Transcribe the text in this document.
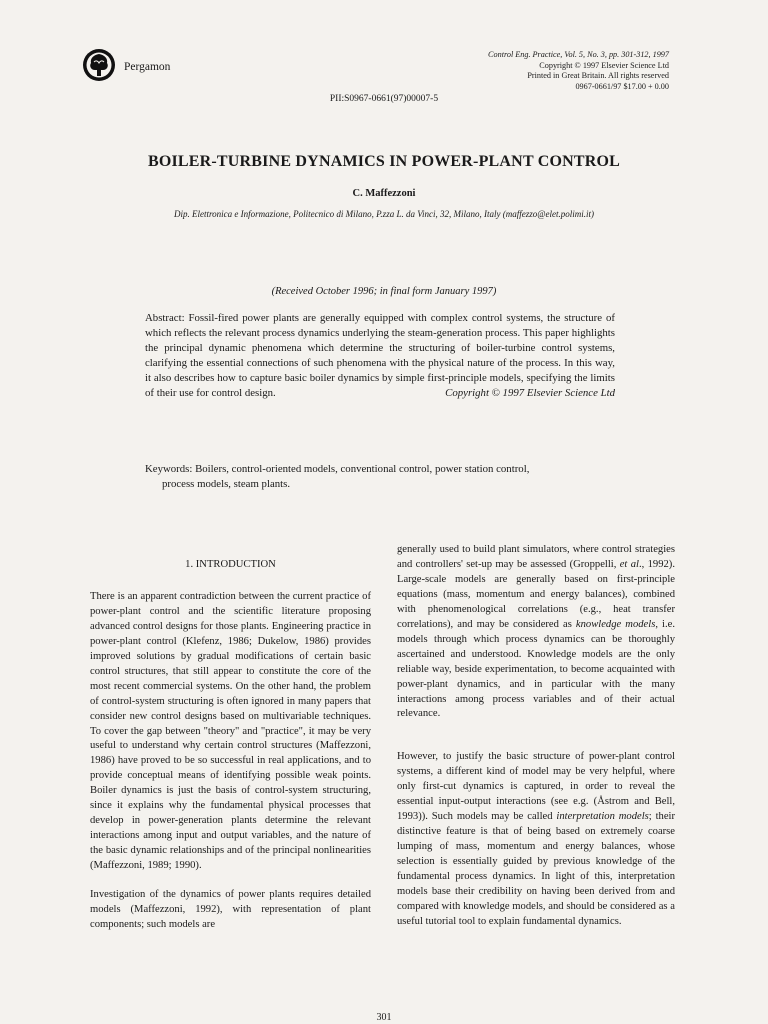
Pergamon
Control Eng. Practice, Vol. 5, No. 3, pp. 301-312, 1997
Copyright © 1997 Elsevier Science Ltd
Printed in Great Britain. All rights reserved
0967-0661/97 $17.00 + 0.00
PII:S0967-0661(97)00007-5
BOILER-TURBINE DYNAMICS IN POWER-PLANT CONTROL
C. Maffezzoni
Dip. Elettronica e Informazione, Politecnico di Milano, P.zza L. da Vinci, 32, Milano, Italy (maffezzo@elet.polimi.it)
(Received October 1996; in final form January 1997)
Abstract: Fossil-fired power plants are generally equipped with complex control systems, the structure of which reflects the relevant process dynamics underlying the steam-generation process. This paper highlights the principal dynamic phenomena which determine the structuring of boiler-turbine control systems, clarifying the essential connections of such phenomena with the physical nature of the process. In this way, it also describes how to capture basic boiler dynamics by simple first-principle models, specifying the limits of their use for control design.	Copyright © 1997 Elsevier Science Ltd
Keywords: Boilers, control-oriented models, conventional control, power station control,
process models, steam plants.
1. INTRODUCTION

There is an apparent contradiction between the current practice of power-plant control and the scientific literature proposing advanced control designs for those plants. Engineering practice in power-plant control (Klefenz, 1986; Dukelow, 1986) provides improved solutions by gradual modifications of certain basic control structures, that still appear to constitute the core of the most recent commercial systems. On the other hand, the problem of control-system structuring is often ignored in many papers that consider new control designs based on multivariable techniques. To cover the gap between "theory" and "practice", it may be very useful to understand why certain control structures (Maffezzoni, 1986) have proved to be so successful in real applications, and to provide conceptual means of identifying possible weak points. Boiler dynamics is just the basis of control-system structuring, since it explains why the fundamental physical processes that develop in power-generation plants determine the relevant interactions among input and output variables, and the nature of the basic dynamic relationships and of the principal nonlinearities (Maffezzoni, 1989; 1990).

Investigation of the dynamics of power plants requires detailed models (Maffezzoni, 1992), with representation of plant components; such models are

generally used to build plant simulators, where control strategies and controllers' set-up may be assessed (Groppelli, et al., 1992). Large-scale models are generally based on first-principle equations (mass, momentum and energy balances), combined with phenomenological correlations (e.g., heat transfer correlations), and may be considered as knowledge models, i.e. models through which process dynamics can be thoroughly ascertained and understood. Knowledge models are the only reliable way, beside experimentation, to become acquainted with power-plant dynamics, and in particular with the many interactions among process variables and of their actual relevance.

However, to justify the basic structure of power-plant control systems, a different kind of model may be very helpful, where only first-cut dynamics is captured, in order to reveal the essential input-output interactions (see e.g. (Åstrom and Bell, 1993)). Such models may be called interpretation models; their distinctive feature is that of being based on extremely coarse lumping of mass, momentum and energy balances, whose selection is essentially guided by previous knowledge of the fundamental process dynamics. In light of this, interpretation models base their credibility on having been derived from and compared with knowledge models, and should be considered as a useful tutorial tool to explain fundamental dynamics.

301
